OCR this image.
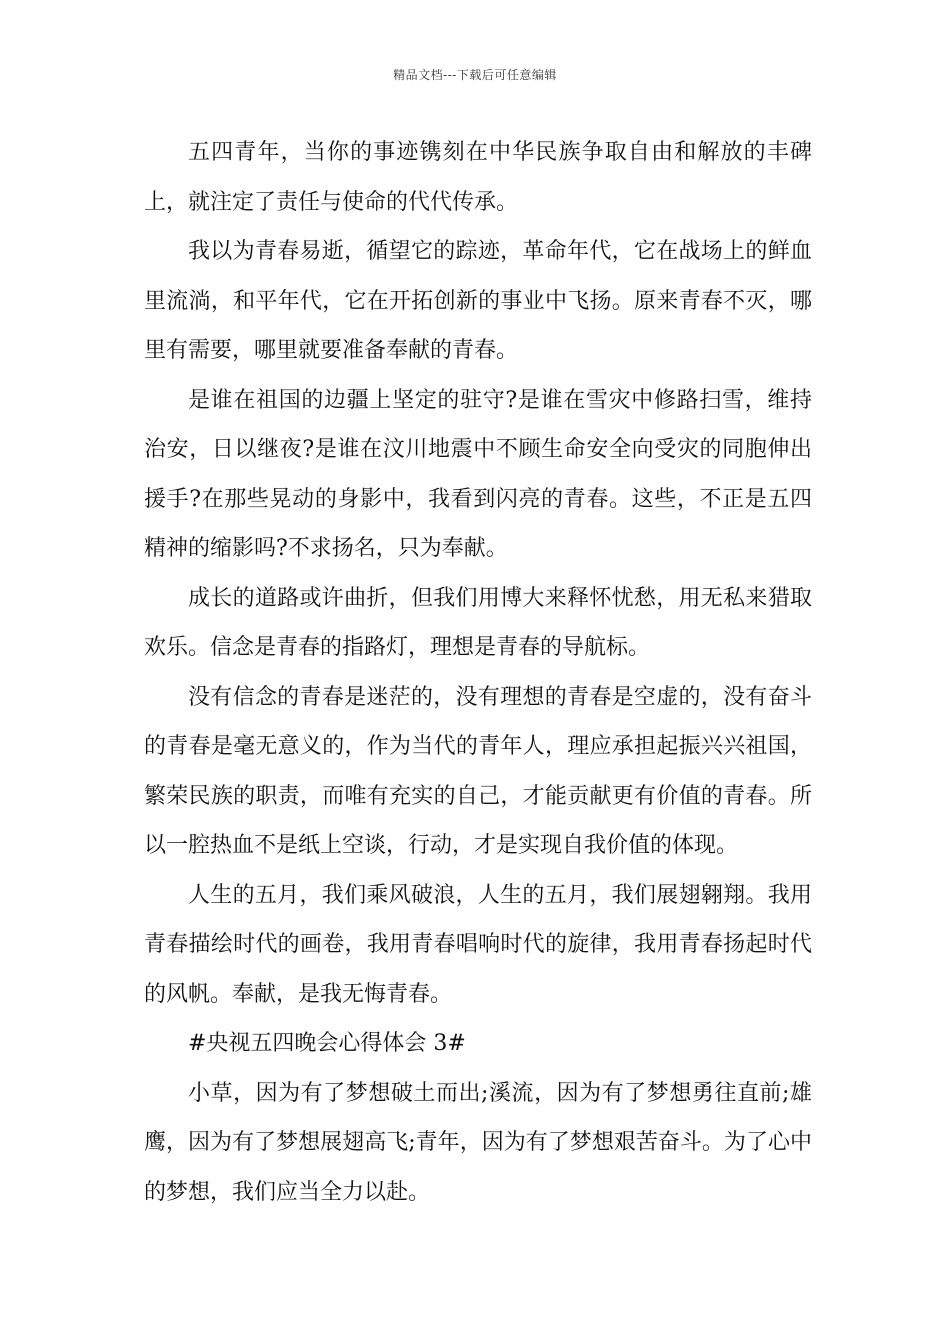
精品文档---下载后可任意编辑

五四青年，当你的事迹镌刻在中华民族争取自由和解放的丰碑上，就注定了责任与使命的代代传承。

我以为青春易逝，循望它的踪迹，革命年代，它在战场上的鲜血里流淌，和平年代，它在开拓创新的事业中飞扬。原来青春不灭，哪里有需要，哪里就要准备奉献的青春。

是谁在祖国的边疆上坚定的驻守?是谁在雪灾中修路扫雪，维持治安，日以继夜?是谁在汶川地震中不顾生命安全向受灾的同胞伸出援手?在那些晃动的身影中，我看到闪亮的青春。这些，不正是五四精神的缩影吗?不求扬名，只为奉献。

成长的道路或许曲折，但我们用博大来释怀忧愁，用无私来猎取欢乐。信念是青春的指路灯，理想是青春的导航标。

没有信念的青春是迷茫的，没有理想的青春是空虚的，没有奋斗的青春是毫无意义的，作为当代的青年人，理应承担起振兴兴祖国，繁荣民族的职责，而唯有充实的自己，才能贡献更有价值的青春。所以一腔热血不是纸上空谈，行动，才是实现自我价值的体现。

人生的五月，我们乘风破浪，人生的五月，我们展翅翱翔。我用青春描绘时代的画卷，我用青春唱响时代的旋律，我用青春扬起时代的风帆。奉献，是我无悔青春。

#央视五四晚会心得体会 3#

小草，因为有了梦想破土而出;溪流，因为有了梦想勇往直前;雄鹰，因为有了梦想展翅高飞;青年，因为有了梦想艰苦奋斗。为了心中的梦想，我们应当全力以赴。
